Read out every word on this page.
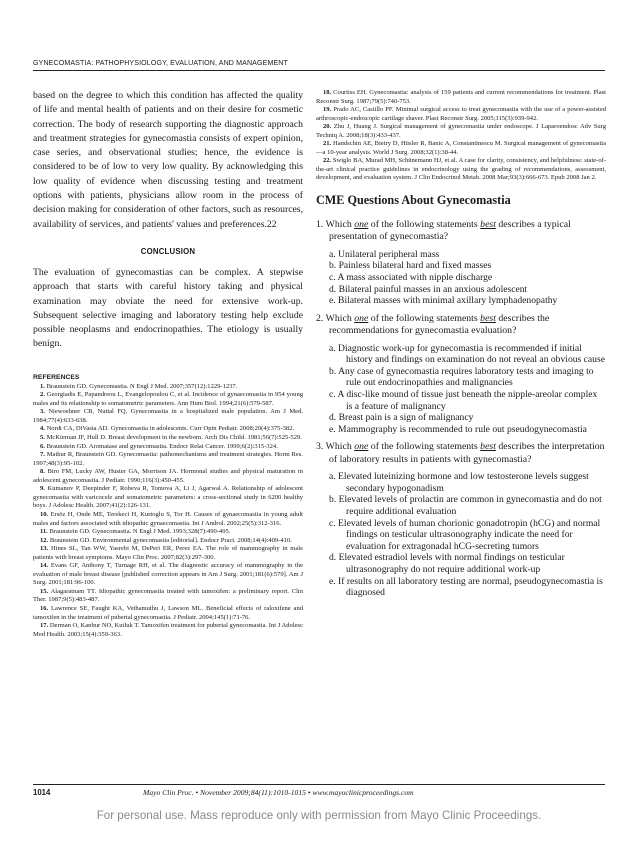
GYNECOMASTIA: PATHOPHYSIOLOGY, EVALUATION, AND MANAGEMENT

based on the degree to which this condition has affected the quality of life and mental health of patients and on their desire for cosmetic correction. The body of research supporting the diagnostic approach and treatment strategies for gynecomastia consists of expert opinion, case series, and observational studies; hence, the evidence is considered to be of low to very low quality. By acknowledging this low quality of evidence when discussing testing and treatment options with patients, physicians allow room in the process of decision making for consideration of other factors, such as resources, availability of services, and patients' values and preferences.22

CONCLUSION

The evaluation of gynecomastias can be complex. A stepwise approach that starts with careful history taking and physical examination may obviate the need for extensive work-up. Subsequent selective imaging and laboratory testing help exclude possible neoplasms and endocrinopathies. The etiology is usually benign.

REFERENCES

1. Braunstein GD. Gynecomastia. N Engl J Med. 2007;357(12):1229-1237.

2. Georgiadis E, Papandreou L, Evangelopoulou C, et al. Incidence of gynaecomastia in 954 young males and its relationship to somatometric parameters. Ann Hum Biol. 1994;21(6):579-587.

3. Niewoehner CB, Nuttal FQ. Gynecomastia in a hospitalized male population. Am J Med. 1984;77(4):633-638.

4. Nordt CA, DiVasta AD. Gynecomastia in adolescents. Curr Opin Pediatr. 2008;20(4):375-382.

5. McKiernan JF, Hull D. Breast development in the newborn. Arch Dis Child. 1981;56(7):525-529.

6. Braunstein GD. Aromatase and gynecomastia. Endocr Relat Cancer. 1999;6(2):315-324.

7. Mathur R, Braunstein GD. Gynecomastia: pathomechanisms and treatment strategies. Horm Res. 1997;48(3):95-102.

8. Biro FM, Lucky AW, Huster GA, Morrison JA. Hormonal studies and physical maturation in adolescent gynecomastia. J Pediatr. 1990;116(3):450-455.

9. Kumanov P, Deepinder F, Robeva R, Tomova A, Li J, Agarwal A. Relationship of adolescent gynecomastia with varicocele and somatometric parameters: a cross-sectional study in 6200 healthy boys. J Adolesc Health. 2007;41(2):126-131.

10. Ersöz H, Onde ME, Terekeci H, Kurtoglu S, Tor H. Causes of gynaecomastia in young adult males and factors associated with idiopathic gynaecomastia. Int J Androl. 2002;25(5):312-316.

11. Braunstein GD. Gynecomastia. N Engl J Med. 1993;328(7):490-495.

12. Braunstein GD. Environmental gynecomastia [editorial]. Endocr Pract. 2008;14(4):409-410.

13. Hines SL, Tan WW, Yasrebi M, DePeri ER, Perez EA. The role of mammography in male patients with breast symptoms. Mayo Clin Proc. 2007;82(3):297-300.

14. Evans GF, Anthony T, Turnage RH, et al. The diagnostic accuracy of mammography in the evaluation of male breast disease [published correction appears in Am J Surg. 2001;181(6):579]. Am J Surg. 2001;181:96-100.

15. Alagaratnam TT. Idiopathic gynecomastia treated with tamoxifen: a preliminary report. Clin Ther. 1987;9(5):483-487.

16. Lawrence SE, Faught KA, Vethamuthu J, Lawson ML. Beneficial effects of raloxifene and tamoxifen in the treatment of pubertal gynecomastia. J Pediatr. 2004;145(1):71-76.

17. Derman O, Kanbur NO, Kutluk T. Tamoxifen treatment for pubertal gynecomastia. Int J Adolesc Med Health. 2003;15(4):359-363.

18. Courtiss EH. Gynecomastia: analysis of 159 patients and current recommendations for treatment. Plast Reconstr Surg. 1987;79(5):740-753.

19. Prado AC, Castillo PF. Minimal surgical access to treat gynecomastia with the use of a power-assisted arthroscopic-endoscopic cartilage shaver. Plast Reconstr Surg. 2005;115(3):939-942.

20. Zhu J, Huang J. Surgical management of gynecomastia under endoscope. J Laparoendosc Adv Surg Techniq A. 2008;18(3):433-437.

21. Handschin AE, Bietry D, Hüsler R, Banic A, Constantinescu M. Surgical management of gynecomastia—a 10-year analysis. World J Surg. 2008;32(1):38-44.

22. Swiglo BA, Murad MH, Schünemann HJ, et al. A case for clarity, consistency, and helpfulness: state-of-the-art clinical practice guidelines in endocrinology using the grading of recommendations, assessment, development, and evaluation system. J Clin Endocrinol Metab. 2008 Mar;93(3):666-673. Epub 2008 Jan 2.

CME Questions About Gynecomastia

1. Which one of the following statements best describes a typical presentation of gynecomastia?

a. Unilateral peripheral mass

b. Painless bilateral hard and fixed masses

c. A mass associated with nipple discharge

d. Bilateral painful masses in an anxious adolescent

e. Bilateral masses with minimal axillary lymphadenopathy

2. Which one of the following statements best describes the recommendations for gynecomastia evaluation?

a. Diagnostic work-up for gynecomastia is recommended if initial history and findings on examination do not reveal an obvious cause

b. Any case of gynecomastia requires laboratory tests and imaging to rule out endocrinopathies and malignancies

c. A disc-like mound of tissue just beneath the nipple-areolar complex is a feature of malignancy

d. Breast pain is a sign of malignancy

e. Mammography is recommended to rule out pseudogynecomastia

3. Which one of the following statements best describes the interpretation of laboratory results in patients with gynecomastia?

a. Elevated luteinizing hormone and low testosterone levels suggest secondary hypogonadism

b. Elevated levels of prolactin are common in gynecomastia and do not require additional evaluation

c. Elevated levels of human chorionic gonadotropin (hCG) and normal findings on testicular ultrasonography indicate the need for evaluation for extragonadal hCG-secreting tumors

d. Elevated estradiol levels with normal findings on testicular ultrasonography do not require additional work-up

e. If results on all laboratory testing are normal, pseudogynecomastia is diagnosed

1014	Mayo Clin Proc. • November 2009;84(11):1010-1015 • www.mayoclinicproceedings.com
For personal use. Mass reproduce only with permission from Mayo Clinic Proceedings.
